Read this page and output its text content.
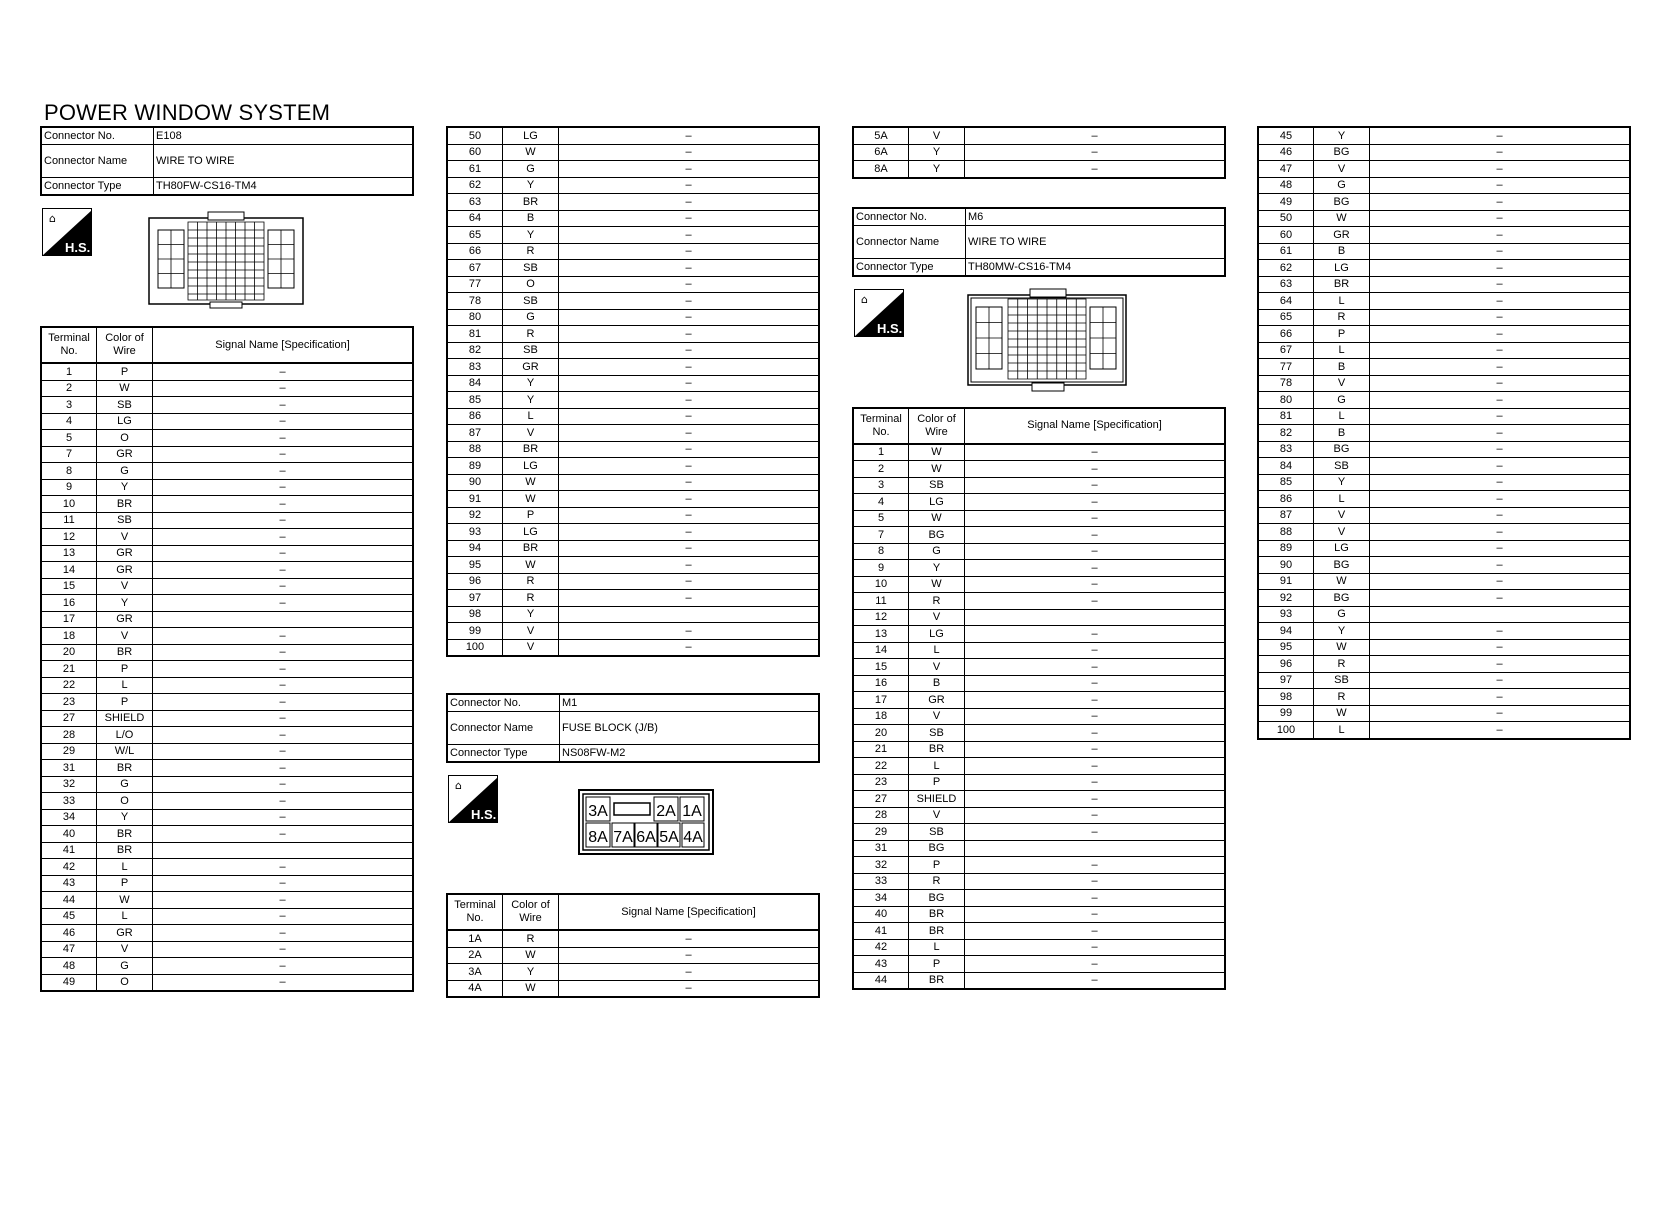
POWER WINDOW SYSTEM
Connector No.	E108
Connector Name	WIRE TO WIRE
Connector Type	TH80FW-CS16-TM4
⌂
H.S.
Terminal No.	Color of Wire	Signal Name [Specification]
1	P	–
2	W	–
3	SB	–
4	LG	–
5	O	–
7	GR	–
8	G	–
9	Y	–
10	BR	–
11	SB	–
12	V	–
13	GR	–
14	GR	–
15	V	–
16	Y	–
17	GR	
18	V	–
20	BR	–
21	P	–
22	L	–
23	P	–
27	SHIELD	–
28	L/O	–
29	W/L	–
31	BR	–
32	G	–
33	O	–
34	Y	–
40	BR	–
41	BR	
42	L	–
43	P	–
44	W	–
45	L	–
46	GR	–
47	V	–
48	G	–
49	O	–
50	LG	–
60	W	–
61	G	–
62	Y	–
63	BR	–
64	B	–
65	Y	–
66	R	–
67	SB	–
77	O	–
78	SB	–
80	G	–
81	R	–
82	SB	–
83	GR	–
84	Y	–
85	Y	–
86	L	–
87	V	–
88	BR	–
89	LG	–
90	W	–
91	W	–
92	P	–
93	LG	–
94	BR	–
95	W	–
96	R	–
97	R	–
98	Y	
99	V	–
100	V	–
Connector No.	M1
Connector Name	FUSE BLOCK (J/B)
Connector Type	NS08FW-M2
⌂
H.S.	3A	2A 1A
8A 7A 6A 5A 4A
Terminal No.	Color of Wire	Signal Name [Specification]
1A	R	–
2A	W	–
3A	Y	–
4A	W	–
5A	V	–
6A	Y	–
8A	Y	–
Connector No.	M6
Connector Name	WIRE TO WIRE
Connector Type	TH80MW-CS16-TM4
⌂
H.S.
Terminal No.	Color of Wire	Signal Name [Specification]
1	W	–
2	W	–
3	SB	–
4	LG	–
5	W	–
7	BG	–
8	G	–
9	Y	–
10	W	–
11	R	–
12	V	
13	LG	–
14	L	–
15	V	–
16	B	–
17	GR	–
18	V	–
20	SB	–
21	BR	–
22	L	–
23	P	–
27	SHIELD	–
28	V	–
29	SB	–
31	BG	
32	P	–
33	R	–
34	BG	–
40	BR	–
41	BR	–
42	L	–
43	P	–
44	BR	–
45	Y	–
46	BG	–
47	V	–
48	G	–
49	BG	–
50	W	–
60	GR	–
61	B	–
62	LG	–
63	BR	–
64	L	–
65	R	–
66	P	–
67	L	–
77	B	–
78	V	–
80	G	–
81	L	–
82	B	–
83	BG	–
84	SB	–
85	Y	–
86	L	–
87	V	–
88	V	–
89	LG	–
90	BG	–
91	W	–
92	BG	–
93	G	
94	Y	–
95	W	–
96	R	–
97	SB	–
98	R	–
99	W	–
100	L	–
